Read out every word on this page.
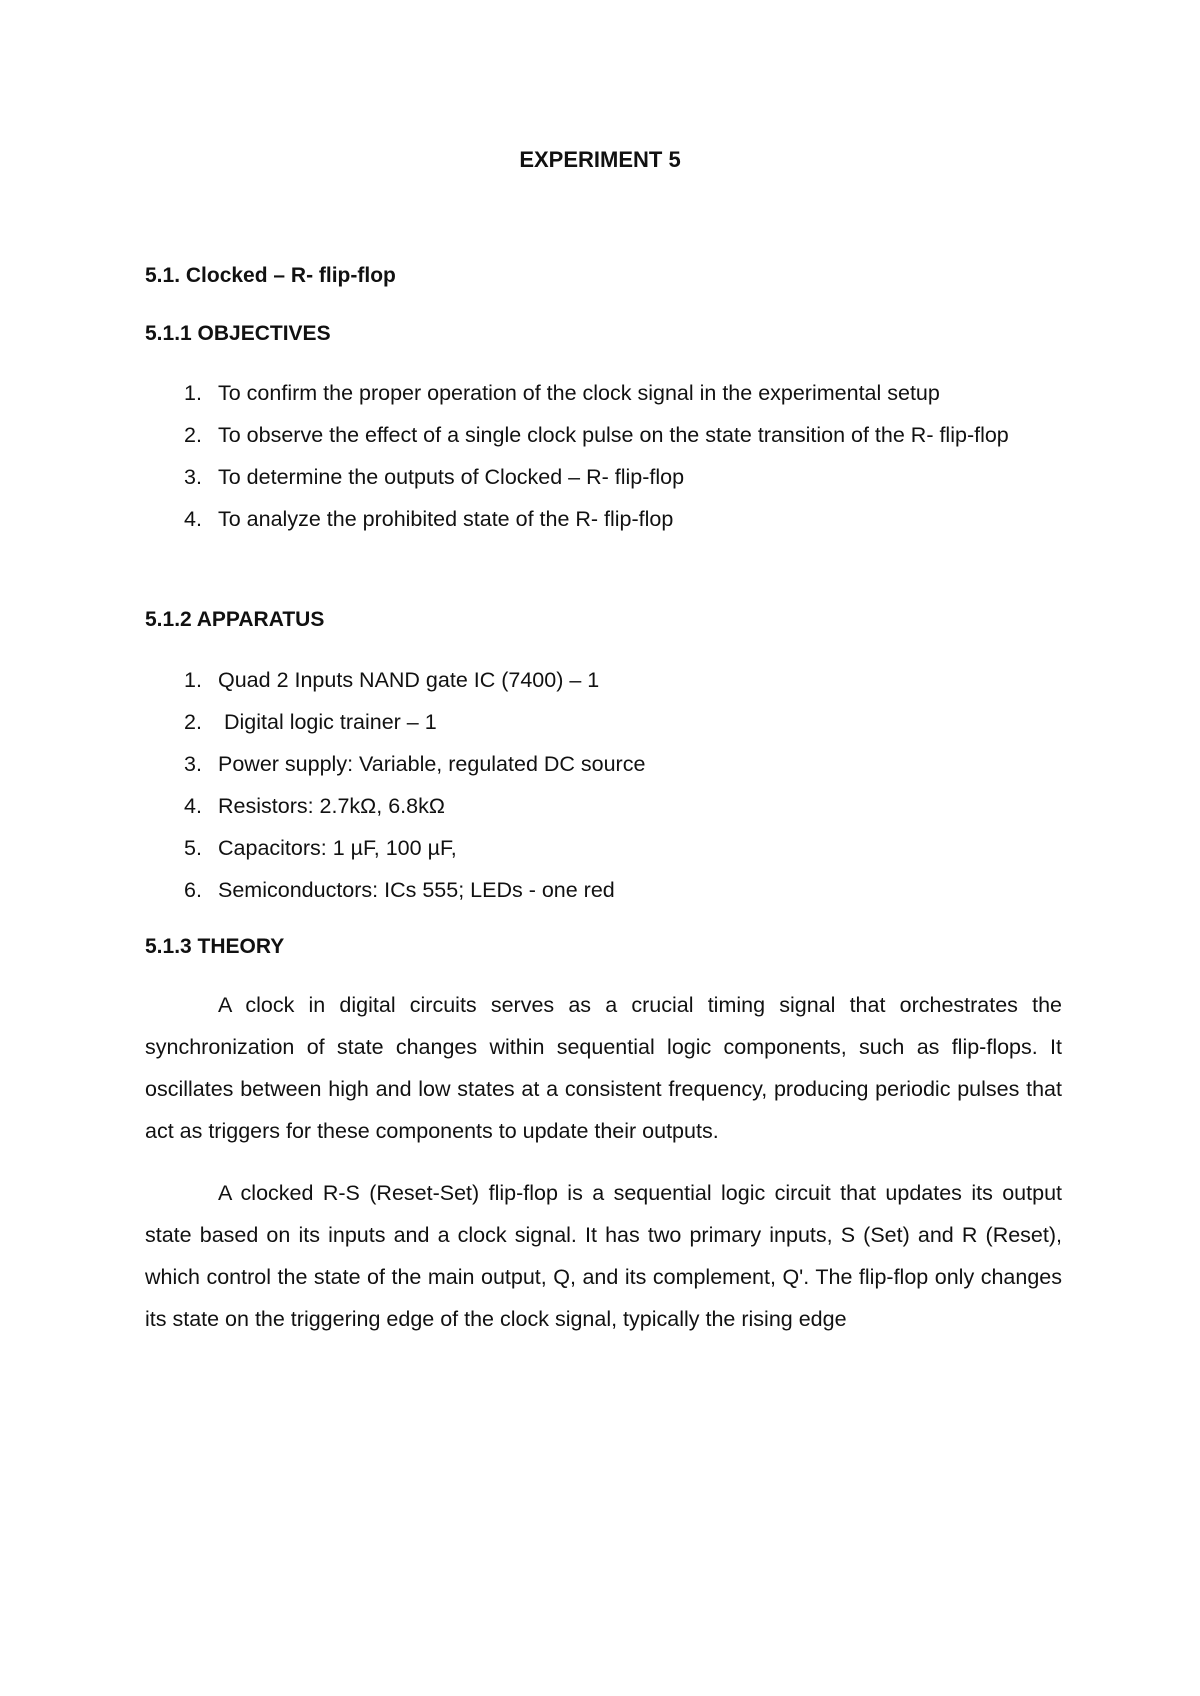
EXPERIMENT 5
5.1. Clocked – R- flip-flop
5.1.1 OBJECTIVES
1. To confirm the proper operation of the clock signal in the experimental setup
2. To observe the effect of a single clock pulse on the state transition of the R- flip-flop
3. To determine the outputs of Clocked – R- flip-flop
4. To analyze the prohibited state of the R- flip-flop
5.1.2 APPARATUS
1. Quad 2 Inputs NAND gate IC (7400) – 1
2. Digital logic trainer – 1
3. Power supply: Variable, regulated DC source
4. Resistors: 2.7kΩ, 6.8kΩ
5. Capacitors: 1 µF, 100 µF,
6. Semiconductors: ICs 555; LEDs - one red
5.1.3 THEORY

A clock in digital circuits serves as a crucial timing signal that orchestrates the synchronization of state changes within sequential logic components, such as flip-flops. It oscillates between high and low states at a consistent frequency, producing periodic pulses that act as triggers for these components to update their outputs.

A clocked R-S (Reset-Set) flip-flop is a sequential logic circuit that updates its output state based on its inputs and a clock signal. It has two primary inputs, S (Set) and R (Reset), which control the state of the main output, Q, and its complement, Q'. The flip-flop only changes its state on the triggering edge of the clock signal, typically the rising edge
